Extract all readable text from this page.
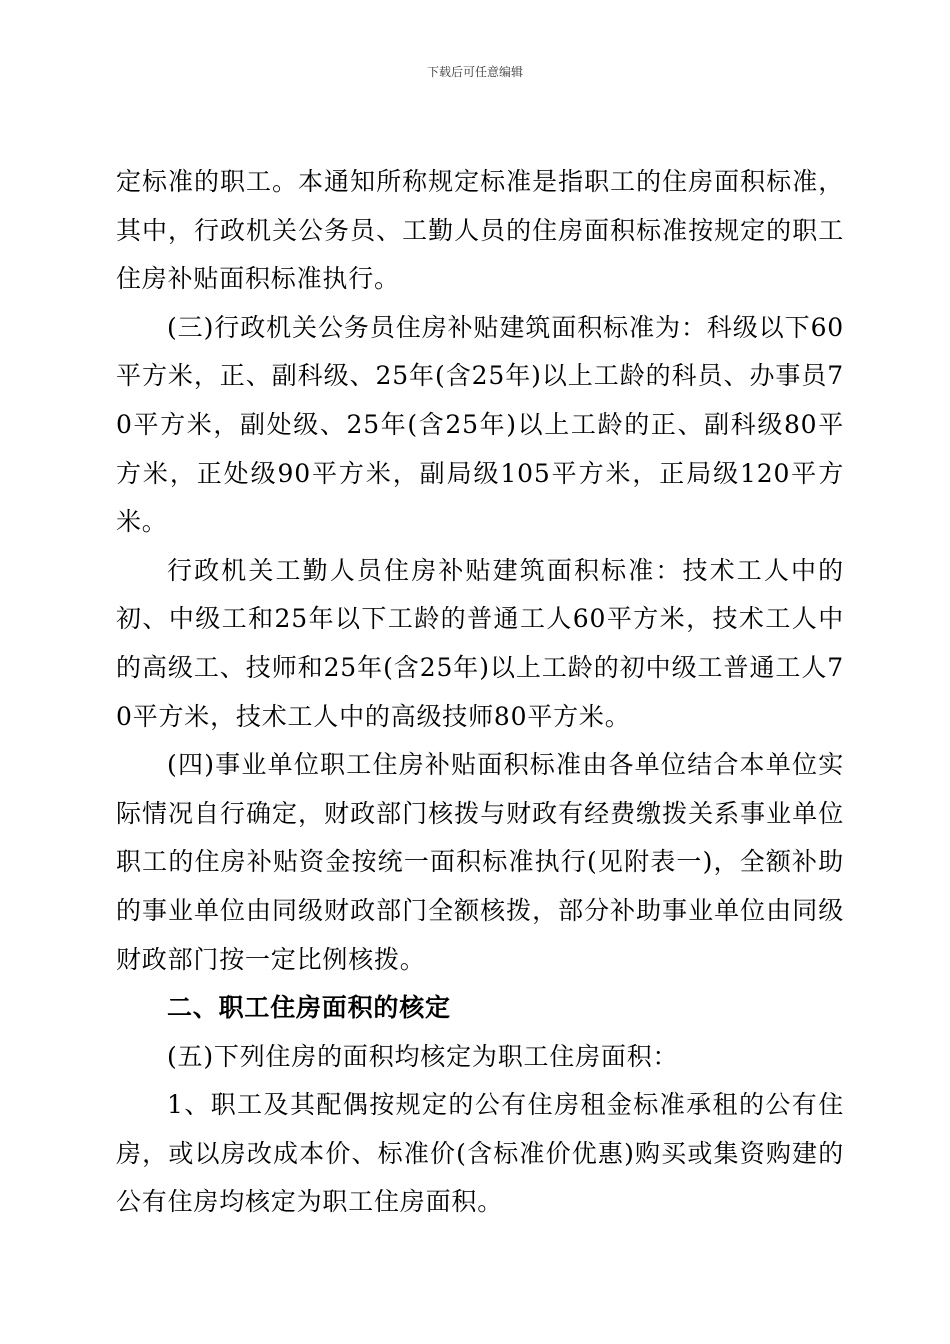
下载后可任意编辑

定标准的职工。本通知所称规定标准是指职工的住房面积标准，其中，行政机关公务员、工勤人员的住房面积标准按规定的职工住房补贴面积标准执行。

(三)行政机关公务员住房补贴建筑面积标准为：科级以下60平方米，正、副科级、25年(含25年)以上工龄的科员、办事员70平方米，副处级、25年(含25年)以上工龄的正、副科级80平方米，正处级90平方米，副局级105平方米，正局级120平方米。

行政机关工勤人员住房补贴建筑面积标准：技术工人中的初、中级工和25年以下工龄的普通工人60平方米，技术工人中的高级工、技师和25年(含25年)以上工龄的初中级工普通工人70平方米，技术工人中的高级技师80平方米。

(四)事业单位职工住房补贴面积标准由各单位结合本单位实际情况自行确定，财政部门核拨与财政有经费缴拨关系事业单位职工的住房补贴资金按统一面积标准执行(见附表一)，全额补助的事业单位由同级财政部门全额核拨，部分补助事业单位由同级财政部门按一定比例核拨。

二、职工住房面积的核定

(五)下列住房的面积均核定为职工住房面积：

1、职工及其配偶按规定的公有住房租金标准承租的公有住房，或以房改成本价、标准价(含标准价优惠)购买或集资购建的公有住房均核定为职工住房面积。
